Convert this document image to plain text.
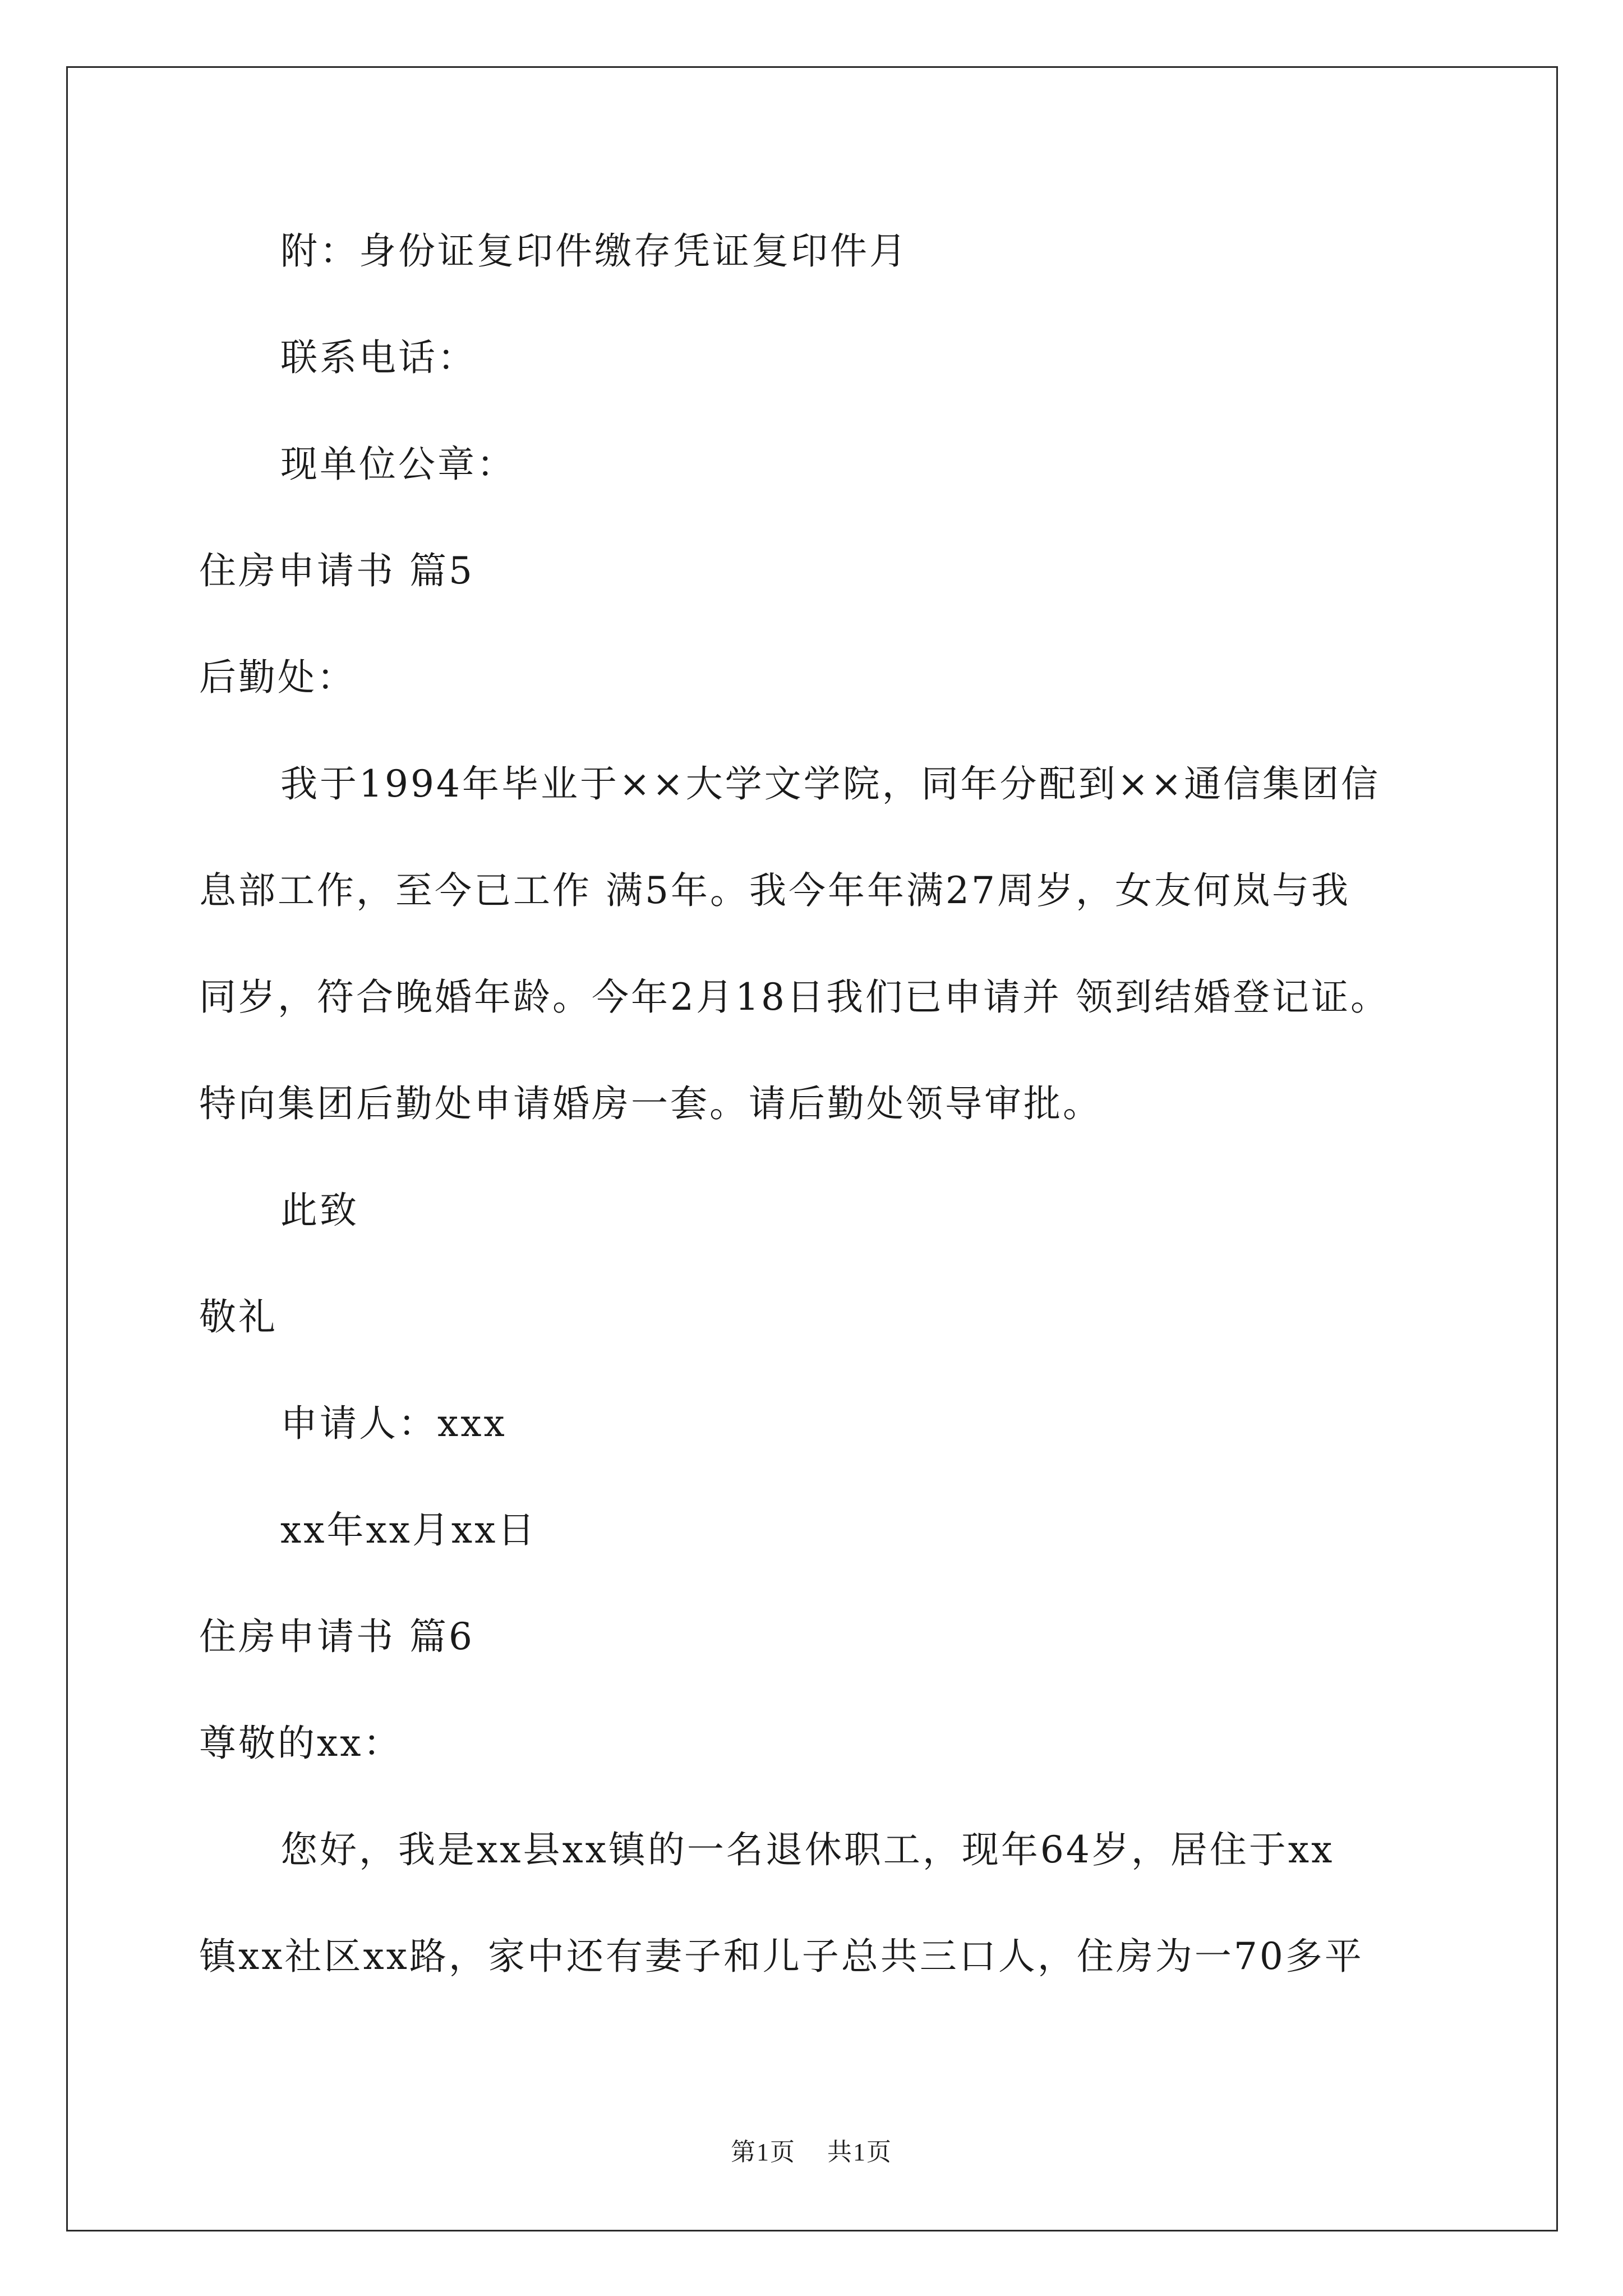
附：身份证复印件缴存凭证复印件月
联系电话：
现单位公章：
住房申请书 篇5
后勤处：
我于1994年毕业于××大学文学院，同年分配到××通信集团信
息部工作，至今已工作 满5年。我今年年满27周岁，女友何岚与我
同岁，符合晚婚年龄。今年2月18日我们已申请并 领到结婚登记证。
特向集团后勤处申请婚房一套。请后勤处领导审批。
此致
敬礼
申请人：xxx
xx年xx月xx日
住房申请书 篇6
尊敬的xx：
您好，我是xx县xx镇的一名退休职工，现年64岁，居住于xx
镇xx社区xx路，家中还有妻子和儿子总共三口人，住房为一70多平
第1页 共1页
